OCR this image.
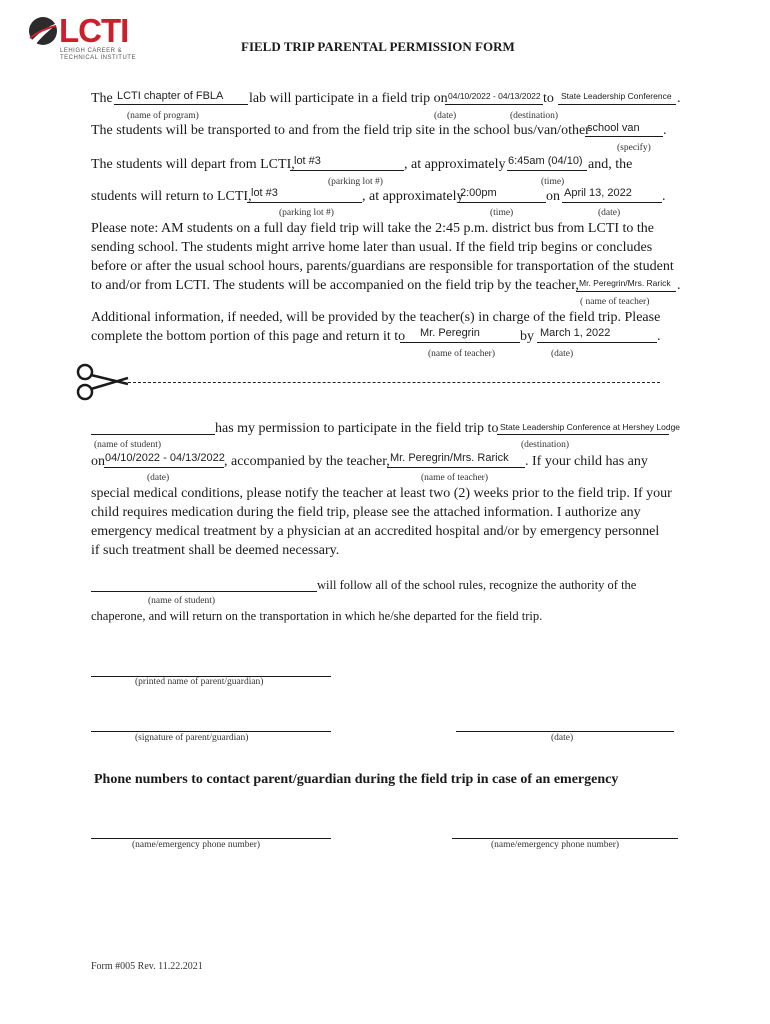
LCTI
LEHIGH CAREER &
TECHNICAL INSTITUTE
FIELD TRIP PARENTAL PERMISSION FORM
The LCTI chapter of FBLA lab will participate in a field trip on 04/10/2022 - 04/13/2022 to State Leadership Conference .
(name of program)	(date)	(destination)
The students will be transported to and from the field trip site in the school bus/van/other
school van .
(specify)
The students will depart from LCTI, lot #3	, at approximately 6:45am (04/10) and, the
(parking lot #)	(time)
students will return to LCTI, lot #3	, at approximately
2:00pm	on April 13, 2022 .
(parking lot #)	(time)	(date)
Please note: AM students on a full day field trip will take the 2:45 p.m. district bus from LCTI to the
sending school. The students might arrive home later than usual. If the field trip begins or concludes
before or after the usual school hours, parents/guardians are responsible for transportation of the student
to and/or from LCTI. The students will be accompanied on the field trip by the teacher, Mr. Peregrin/Mrs. Rarick .
( name of teacher)
Additional information, if needed, will be provided by the teacher(s) in charge of the field trip. Please
complete the bottom portion of this page and return it to Mr. Peregrin	by March 1, 2022	.
(name of teacher)	(date)
has my permission to participate in the field trip to State Leadership Conference at Hershey Lodge
(name of student)	(destination)
on 04/10/2022 - 04/13/2022 , accompanied by the teacher, Mr. Peregrin/Mrs. Rarick . If your child has any
(date)	(name of teacher)
special medical conditions, please notify the teacher at least two (2) weeks prior to the field trip. If your
child requires medication during the field trip, please see the attached information. I authorize any
emergency medical treatment by a physician at an accredited hospital and/or by emergency personnel
if such treatment shall be deemed necessary.
will follow all of the school rules, recognize the authority of the
(name of student)
chaperone, and will return on the transportation in which he/she departed for the field trip.
(printed name of parent/guardian)
(signature of parent/guardian)	(date)
Phone numbers to contact parent/guardian during the field trip in case of an emergency
(name/emergency phone number)	(name/emergency phone number)
Form #005 Rev. 11.22.2021
